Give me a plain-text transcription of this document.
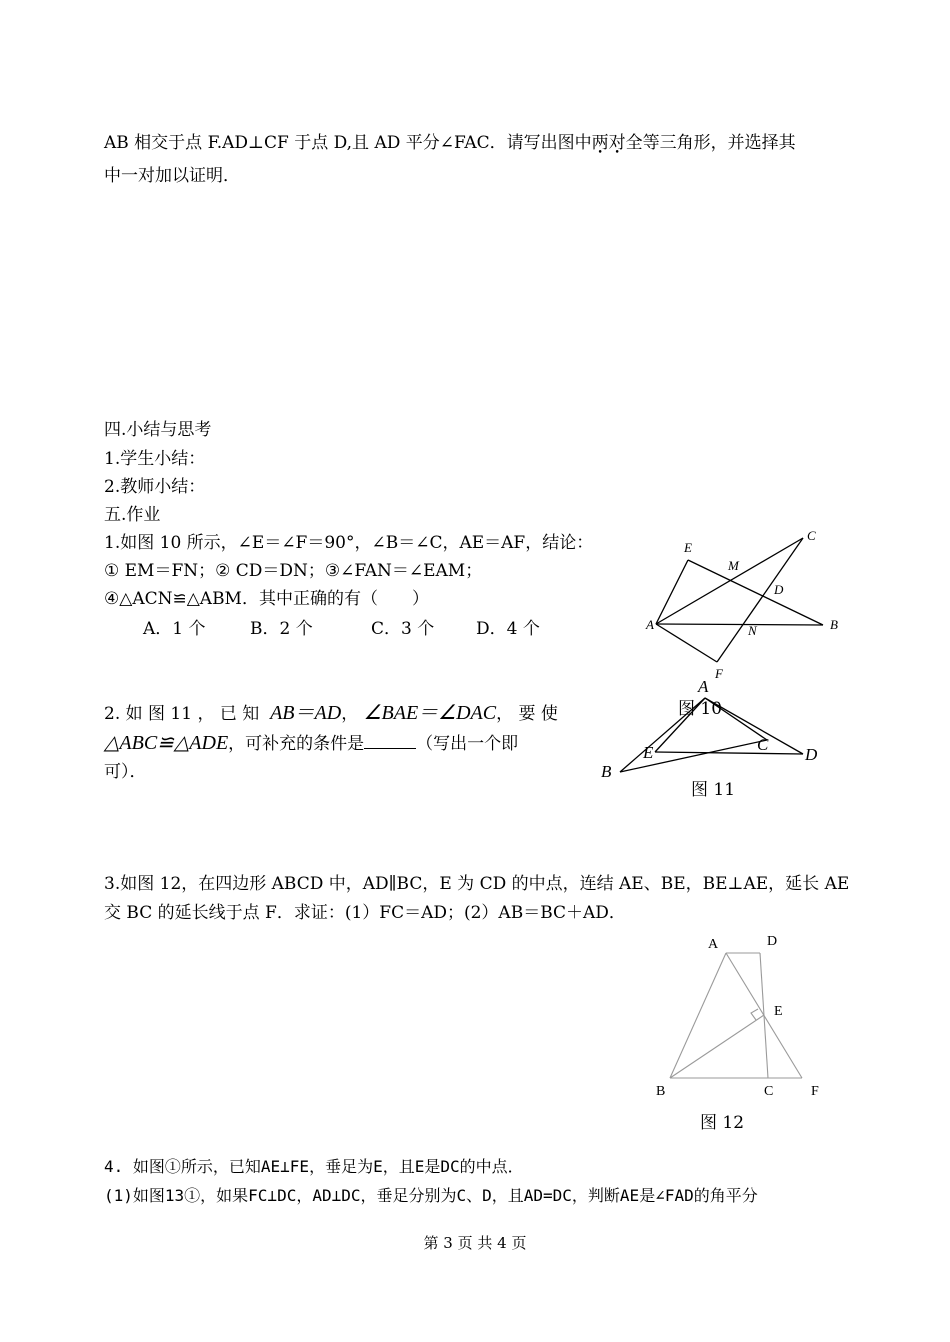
AB 相交于点 F.AD⊥CF 于点 D,且 AD 平分∠FAC．请写出图中两对全等三角形，并选择其
中一对加以证明．
四.小结与思考
1.学生小结：
2.教师小结：
五.作业
1.如图 10 所示，∠E＝∠F＝90°，∠B＝∠C，AE＝AF，结论：
① EM＝FN；② CD＝DN；③∠FAN＝∠EAM；
④△ACN≌△ABM．其中正确的有（　　）
A．1 个	B．2 个	C．3 个 D．4 个
E
M
C
D
A	N	B
F
图 10
2. 如 图 11 ， 已 知 AB＝AD， ∠BAE＝∠DAC， 要 使
△ABC≌△ADE，可补充的条件是	（写出一个即
可）．
A
E	C
D
B
图 11
3.如图 12，在四边形 ABCD 中，AD∥BC，E 为 CD 的中点，连结 AE、BE，BE⊥AE，延长 AE
交 BC 的延长线于点 F．求证：(1）FC＝AD；(2）AB＝BC＋AD．
A	D
E
B	C	F
图 12
4. 如图①所示，已知AE⊥FE，垂足为E，且E是DC的中点．
(1)如图13①，如果FC⊥DC，AD⊥DC，垂足分别为C、D，且AD=DC，判断AE是∠FAD的角平分
第 3 页 共 4 页
